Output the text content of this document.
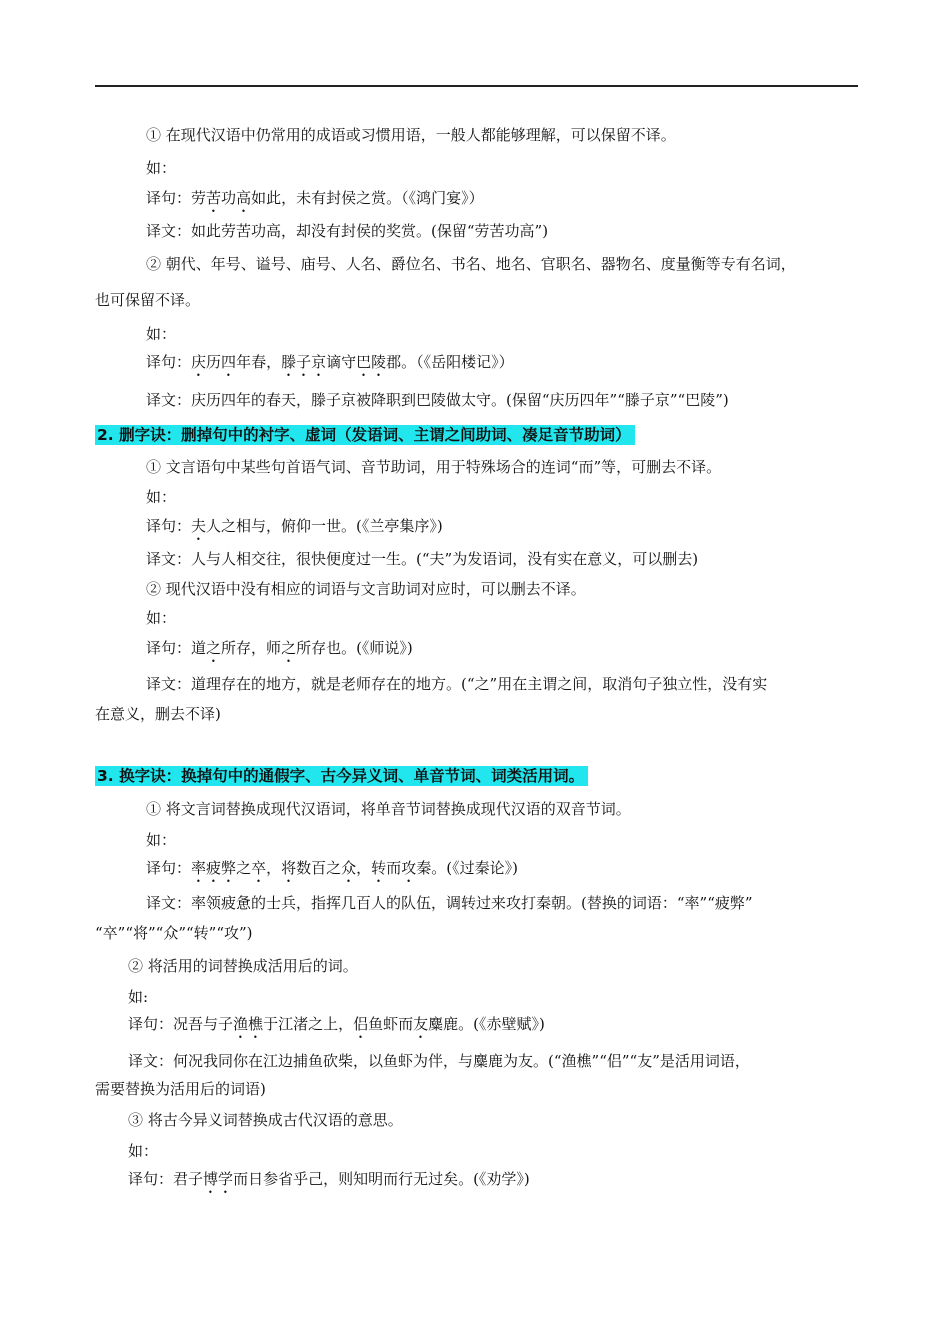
① 在现代汉语中仍常用的成语或习惯用语，一般人都能够理解，可以保留不译。
如：
译句：劳苦功高如此，未有封侯之赏。（《鸿门宴》）
译文：如此劳苦功高，却没有封侯的奖赏。(保留“劳苦功高”)
② 朝代、年号、谥号、庙号、人名、爵位名、书名、地名、官职名、器物名、度量衡等专有名词，
也可保留不译。
如：
译句：庆历四年春，滕子京谪守巴陵郡。（《岳阳楼记》）
译文：庆历四年的春天，滕子京被降职到巴陵做太守。(保留“庆历四年”“滕子京”“巴陵”)
2. 删字诀：删掉句中的衬字、虚词（发语词、主谓之间助词、凑足音节助词）
① 文言语句中某些句首语气词、音节助词，用于特殊场合的连词“而”等，可删去不译。
如：
译句：夫人之相与，俯仰一世。(《兰亭集序》)
译文：人与人相交往，很快便度过一生。(“夫”为发语词，没有实在意义，可以删去)
② 现代汉语中没有相应的词语与文言助词对应时，可以删去不译。
如：
译句：道之所存，师之所存也。(《师说》)
译文：道理存在的地方，就是老师存在的地方。(“之”用在主谓之间，取消句子独立性，没有实
在意义，删去不译)
3. 换字诀：换掉句中的通假字、古今异义词、单音节词、词类活用词。
① 将文言词替换成现代汉语词，将单音节词替换成现代汉语的双音节词。
如：
译句：率疲弊之卒，将数百之众，转而攻秦。(《过秦论》)
译文：率领疲惫的士兵，指挥几百人的队伍，调转过来攻打秦朝。(替换的词语：“率”“疲弊”
“卒”“将”“众”“转”“攻”)
② 将活用的词替换成活用后的词。
如:
译句：况吾与子渔樵于江渚之上，侣鱼虾而友麋鹿。(《赤壁赋》)
译文：何况我同你在江边捕鱼砍柴，以鱼虾为伴，与麋鹿为友。(“渔樵”“侣”“友”是活用词语，
需要替换为活用后的词语)
③ 将古今异义词替换成古代汉语的意思。
如：
译句：君子博学而日参省乎己，则知明而行无过矣。(《劝学》)
